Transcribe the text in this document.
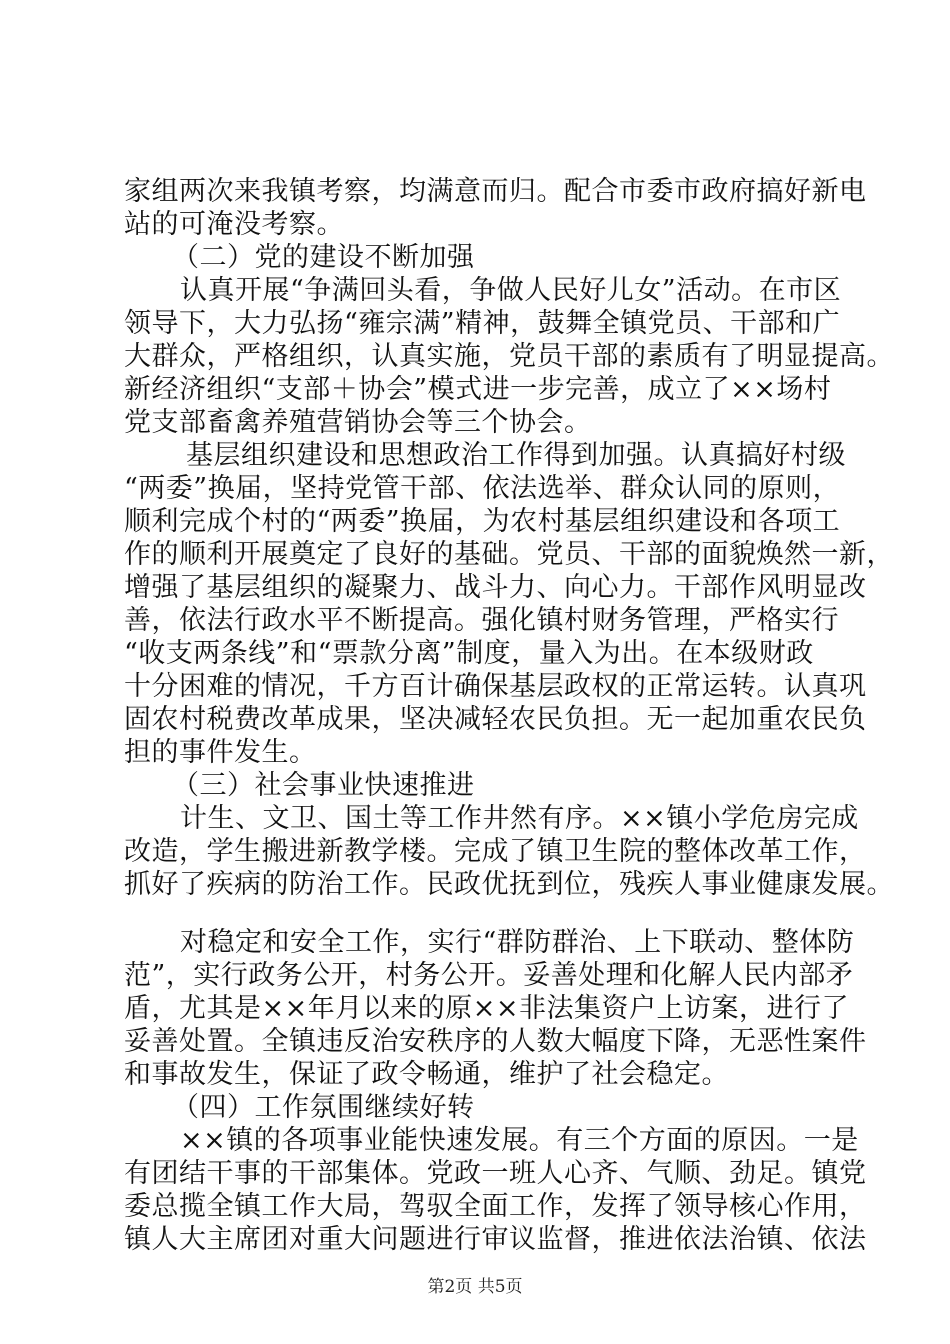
家组两次来我镇考察，均满意而归。配合市委市政府搞好新电
站的可淹没考察。
（二）党的建设不断加强
认真开展“争满回头看，争做人民好儿女”活动。在市区
领导下，大力弘扬“雍宗满”精神，鼓舞全镇党员、干部和广
大群众，严格组织，认真实施，党员干部的素质有了明显提高。
新经济组织“支部＋协会”模式进一步完善，成立了××场村
党支部畜禽养殖营销协会等三个协会。
基层组织建设和思想政治工作得到加强。认真搞好村级
“两委”换届，坚持党管干部、依法选举、群众认同的原则，
顺利完成个村的“两委”换届，为农村基层组织建设和各项工
作的顺利开展奠定了良好的基础。党员、干部的面貌焕然一新，
增强了基层组织的凝聚力、战斗力、向心力。干部作风明显改
善，依法行政水平不断提高。强化镇村财务管理，严格实行
“收支两条线”和“票款分离”制度，量入为出。在本级财政
十分困难的情况，千方百计确保基层政权的正常运转。认真巩
固农村税费改革成果，坚决减轻农民负担。无一起加重农民负
担的事件发生。
（三）社会事业快速推进
计生、文卫、国土等工作井然有序。××镇小学危房完成
改造，学生搬进新教学楼。完成了镇卫生院的整体改革工作，
抓好了疾病的防治工作。民政优抚到位，残疾人事业健康发展。
对稳定和安全工作，实行“群防群治、上下联动、整体防
范”，实行政务公开，村务公开。妥善处理和化解人民内部矛
盾，尤其是××年月以来的原××非法集资户上访案，进行了
妥善处置。全镇违反治安秩序的人数大幅度下降，无恶性案件
和事故发生，保证了政令畅通，维护了社会稳定。
（四）工作氛围继续好转
××镇的各项事业能快速发展。有三个方面的原因。一是
有团结干事的干部集体。党政一班人心齐、气顺、劲足。镇党
委总揽全镇工作大局，驾驭全面工作，发挥了领导核心作用，
镇人大主席团对重大问题进行审议监督，推进依法治镇、依法
第2页 共5页
